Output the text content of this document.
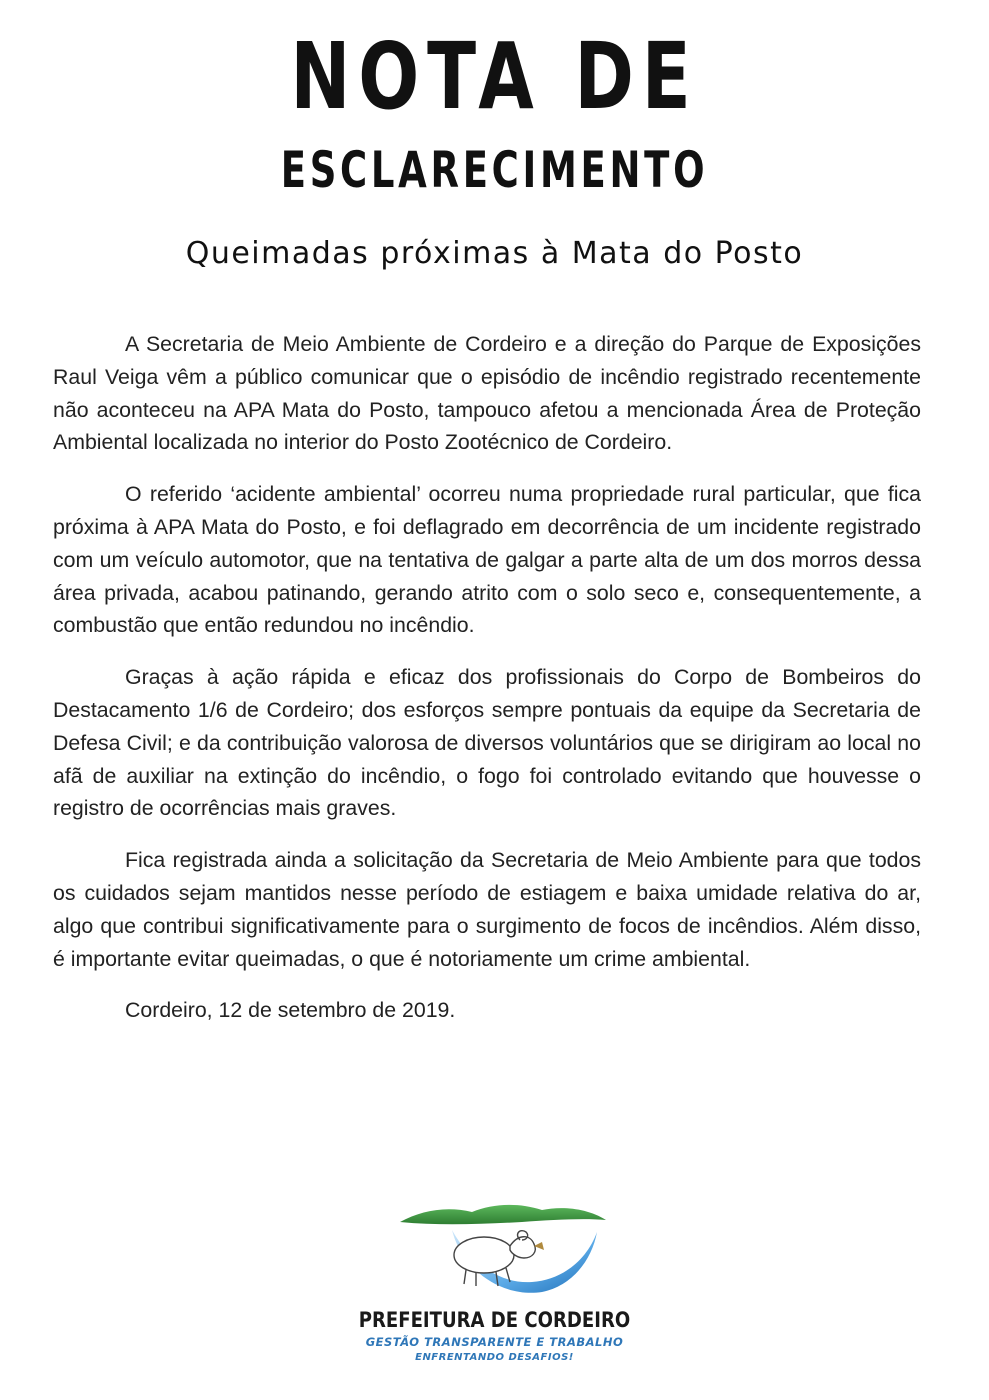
NOTA DE
ESCLARECIMENTO
Queimadas próximas à Mata do Posto

A Secretaria de Meio Ambiente de Cordeiro e a direção do Parque de Exposições Raul Veiga vêm a público comunicar que o episódio de incêndio registrado recentemente não aconteceu na APA Mata do Posto, tampouco afetou a mencionada Área de Proteção Ambiental localizada no interior do Posto Zootécnico de Cordeiro.

O referido ‘acidente ambiental’ ocorreu numa propriedade rural particular, que fica próxima à APA Mata do Posto, e foi deflagrado em decorrência de um incidente registrado com um veículo automotor, que na tentativa de galgar a parte alta de um dos morros dessa área privada, acabou patinando, gerando atrito com o solo seco e, consequentemente, a combustão que então redundou no incêndio.

Graças à ação rápida e eficaz dos profissionais do Corpo de Bombeiros do Destacamento 1/6 de Cordeiro; dos esforços sempre pontuais da equipe da Secretaria de Defesa Civil; e da contribuição valorosa de diversos voluntários que se dirigiram ao local no afã de auxiliar na extinção do incêndio, o fogo foi controlado evitando que houvesse o registro de ocorrências mais graves.

Fica registrada ainda a solicitação da Secretaria de Meio Ambiente para que todos os cuidados sejam mantidos nesse período de estiagem e baixa umidade relativa do ar, algo que contribui significativamente para o surgimento de focos de incêndios. Além disso, é importante evitar queimadas, o que é notoriamente um crime ambiental.

Cordeiro, 12 de setembro de 2019.

PREFEITURA DE CORDEIRO
GESTÃO TRANSPARENTE E TRABALHO
ENFRENTANDO DESAFIOS!
